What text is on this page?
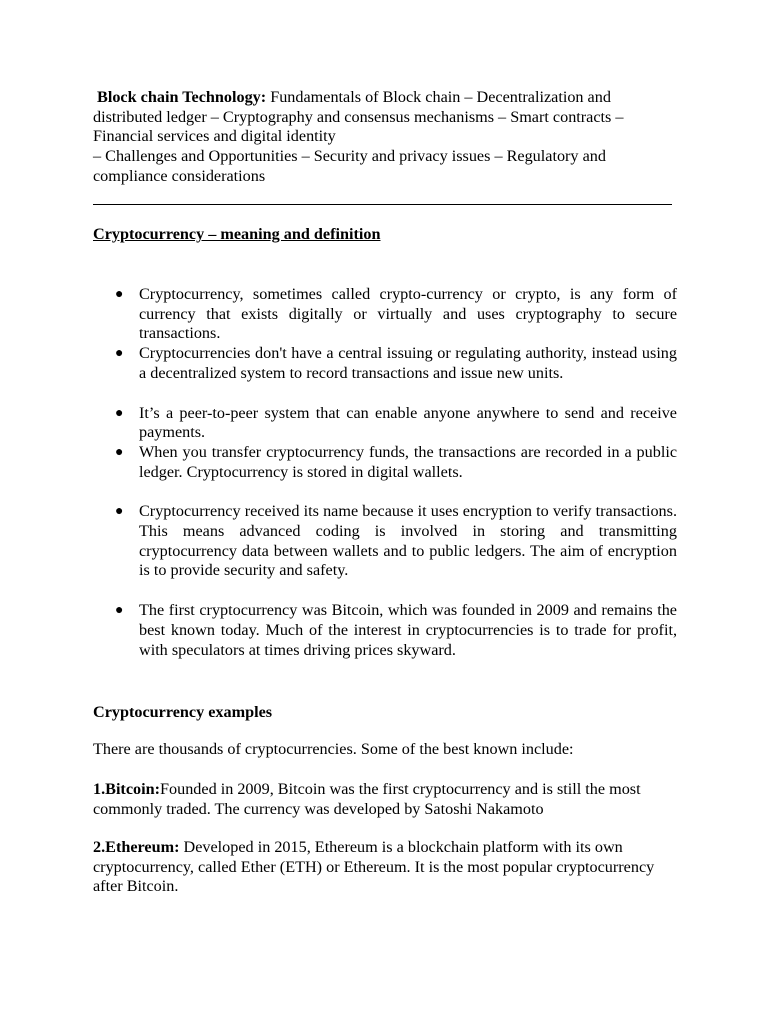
Block chain Technology: Fundamentals of Block chain – Decentralization and distributed ledger – Cryptography and consensus mechanisms – Smart contracts – Financial services and digital identity
– Challenges and Opportunities – Security and privacy issues – Regulatory and compliance considerations
Cryptocurrency – meaning and definition
● Cryptocurrency, sometimes called crypto-currency or crypto, is any form of currency that exists digitally or virtually and uses cryptography to secure transactions.
● Cryptocurrencies don't have a central issuing or regulating authority, instead using a decentralized system to record transactions and issue new units.
● It’s a peer-to-peer system that can enable anyone anywhere to send and receive payments.
● When you transfer cryptocurrency funds, the transactions are recorded in a public ledger. Cryptocurrency is stored in digital wallets.
● Cryptocurrency received its name because it uses encryption to verify transactions. This means advanced coding is involved in storing and transmitting cryptocurrency data between wallets and to public ledgers. The aim of encryption is to provide security and safety.
● The first cryptocurrency was Bitcoin, which was founded in 2009 and remains the best known today. Much of the interest in cryptocurrencies is to trade for profit, with speculators at times driving prices skyward.
Cryptocurrency examples
There are thousands of cryptocurrencies. Some of the best known include:
1.Bitcoin:Founded in 2009, Bitcoin was the first cryptocurrency and is still the most commonly traded. The currency was developed by Satoshi Nakamoto
2.Ethereum: Developed in 2015, Ethereum is a blockchain platform with its own cryptocurrency, called Ether (ETH) or Ethereum. It is the most popular cryptocurrency after Bitcoin.
